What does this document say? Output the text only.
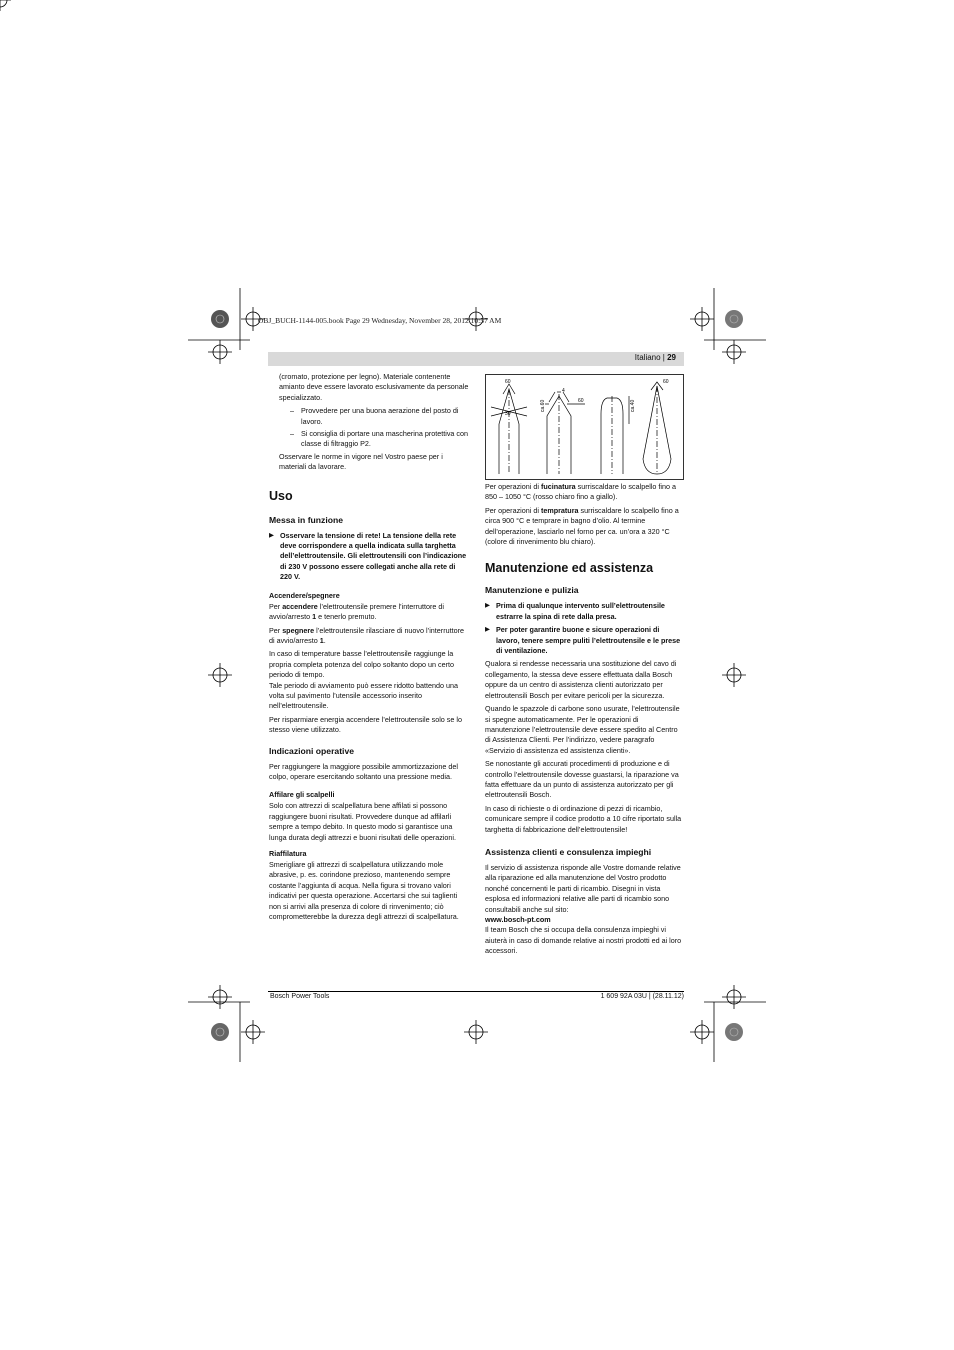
OBJ_BUCH-1144-005.book Page 29 Wednesday, November 28, 2012 10:57 AM
Italiano | 29

(cromato, protezione per legno). Materiale contenente amianto deve essere lavorato esclusivamente da personale specializzato.

– Provvedere per una buona aerazione del posto di lavoro.
– Si consiglia di portare una mascherina protettiva con classe di filtraggio P2.

Osservare le norme in vigore nel Vostro paese per i materiali da lavorare.

Uso
Messa in funzione
▶ Osservare la tensione di rete! La tensione della rete deve corrispondere a quella indicata sulla targhetta dell’elettroutensile. Gli elettroutensili con l’indicazione di 230 V possono essere collegati anche alla rete di 220 V.
Accendere/spegnere

Per accendere l’elettroutensile premere l’interruttore di avvio/arresto 1 e tenerlo premuto.

Per spegnere l’elettroutensile rilasciare di nuovo l’interruttore di avvio/arresto 1.

In caso di temperature basse l’elettroutensile raggiunge la propria completa potenza del colpo soltanto dopo un certo periodo di tempo.

Tale periodo di avviamento può essere ridotto battendo una volta sul pavimento l’utensile accessorio inserito nell’elettroutensile.

Per risparmiare energia accendere l’elettroutensile solo se lo stesso viene utilizzato.

Indicazioni operative

Per raggiungere la maggiore possibile ammortizzazione del colpo, operare esercitando soltanto una pressione media.

Affilare gli scalpelli

Solo con attrezzi di scalpellatura bene affilati si possono raggiungere buoni risultati. Provvedere dunque ad affilarli sempre a tempo debito. In questo modo si garantisce una lunga durata degli attrezzi e buoni risultati delle operazioni.

Riaffilatura

Smerigliare gli attrezzi di scalpellatura utilizzando mole abrasive, p. es. corindone prezioso, mantenendo sempre costante l’aggiunta di acqua. Nella figura si trovano valori indicativi per questa operazione. Accertarsi che sui taglienti non si arrivi alla presenza di colore di rinvenimento; ciò comprometterebbe la durezza degli attrezzi di scalpellatura.

60
30
4
60
ca.60	ca.40
60

Per operazioni di fucinatura surriscaldare lo scalpello fino a 850 – 1050 °C (rosso chiaro fino a giallo).

Per operazioni di tempratura surriscaldare lo scalpello fino a circa 900 °C e temprare in bagno d’olio. Al termine dell’operazione, lasciarlo nel forno per ca. un’ora a 320 °C (colore di rinvenimento blu chiaro).

Manutenzione ed assistenza
Manutenzione e pulizia
▶ Prima di qualunque intervento sull’elettroutensile estrarre la spina di rete dalla presa.
▶ Per poter garantire buone e sicure operazioni di lavoro, tenere sempre puliti l’elettroutensile e le prese di ventilazione.

Qualora si rendesse necessaria una sostituzione del cavo di collegamento, la stessa deve essere effettuata dalla Bosch oppure da un centro di assistenza clienti autorizzato per elettroutensili Bosch per evitare pericoli per la sicurezza.

Quando le spazzole di carbone sono usurate, l’elettroutensile si spegne automaticamente. Per le operazioni di manutenzione l’elettroutensile deve essere spedito al Centro di Assistenza Clienti. Per l’indirizzo, vedere paragrafo «Servizio di assistenza ed assistenza clienti».

Se nonostante gli accurati procedimenti di produzione e di controllo l’elettroutensile dovesse guastarsi, la riparazione va fatta effettuare da un punto di assistenza autorizzato per gli elettroutensili Bosch.

In caso di richieste o di ordinazione di pezzi di ricambio, comunicare sempre il codice prodotto a 10 cifre riportato sulla targhetta di fabbricazione dell’elettroutensile!

Assistenza clienti e consulenza impieghi

Il servizio di assistenza risponde alle Vostre domande relative alla riparazione ed alla manutenzione del Vostro prodotto nonché concernenti le parti di ricambio. Disegni in vista esplosa ed informazioni relative alle parti di ricambio sono consultabili anche sul sito:

www.bosch-pt.com

Il team Bosch che si occupa della consulenza impieghi vi aiuterà in caso di domande relative ai nostri prodotti ed ai loro accessori.

Bosch Power Tools	1 609 92A 03U | (28.11.12)
